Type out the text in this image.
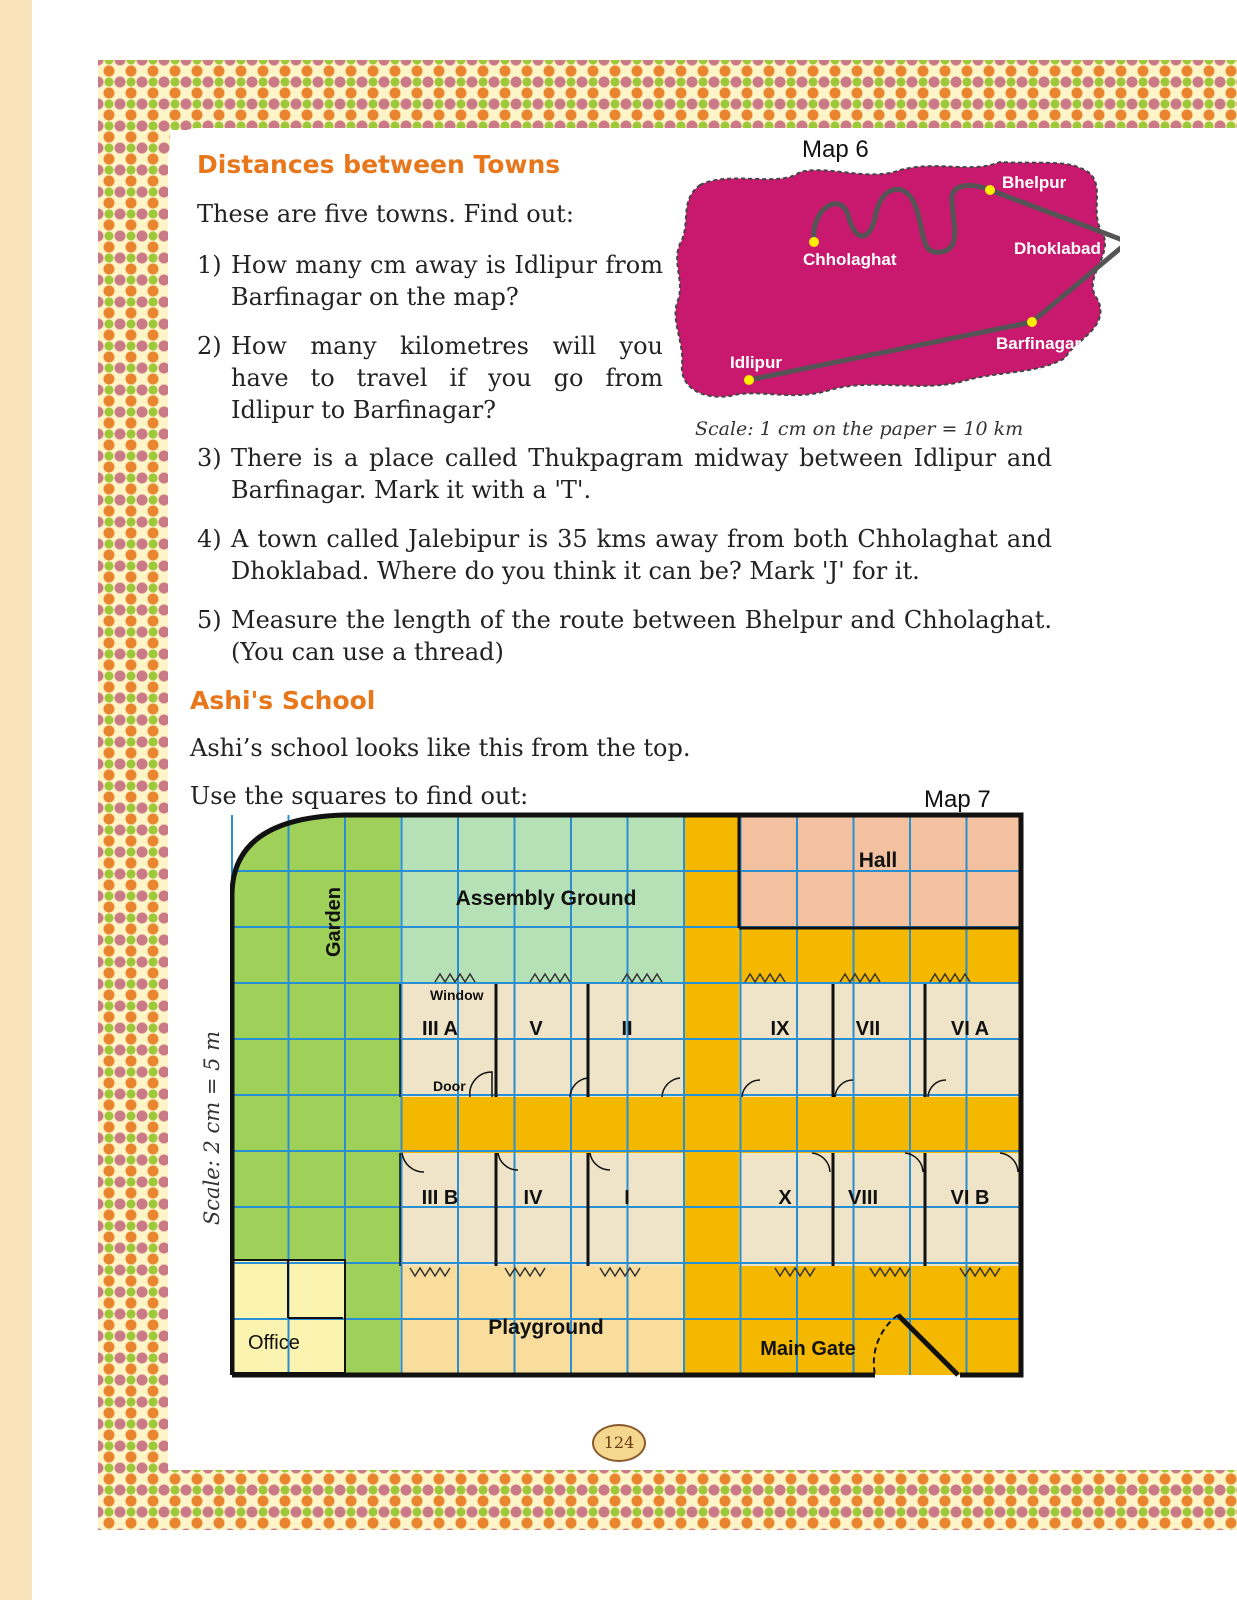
Distances between Towns
These are five towns. Find out:
1) How many cm away is Idlipur from Barfinagar on the map?
2) How many kilometres will you have to travel if you go from Idlipur to Barfinagar?
3) There is a place called Thukpagram midway between Idlipur and Barfinagar. Mark it with a 'T'.
4) A town called Jalebipur is 35 kms away from both Chholaghat and Dhoklabad. Where do you think it can be? Mark 'J' for it.
5) Measure the length of the route between Bhelpur and Chholaghat. (You can use a thread)
Map 6
Bhelpur
Chholaghat
Dhoklabad
Barfinagar
Idlipur
Scale: 1 cm on the paper = 10 km
Ashi's School
Ashi’s school looks like this from the top.
Use the squares to find out:	Map 7
Scale: 2 cm = 5 m
Garden	Assembly Ground
Hall
Window
Door
Playground
Office	Main Gate
III A	V	II	IX	VII	VI A
III B	IV	I	X	VIII	VI B
124
